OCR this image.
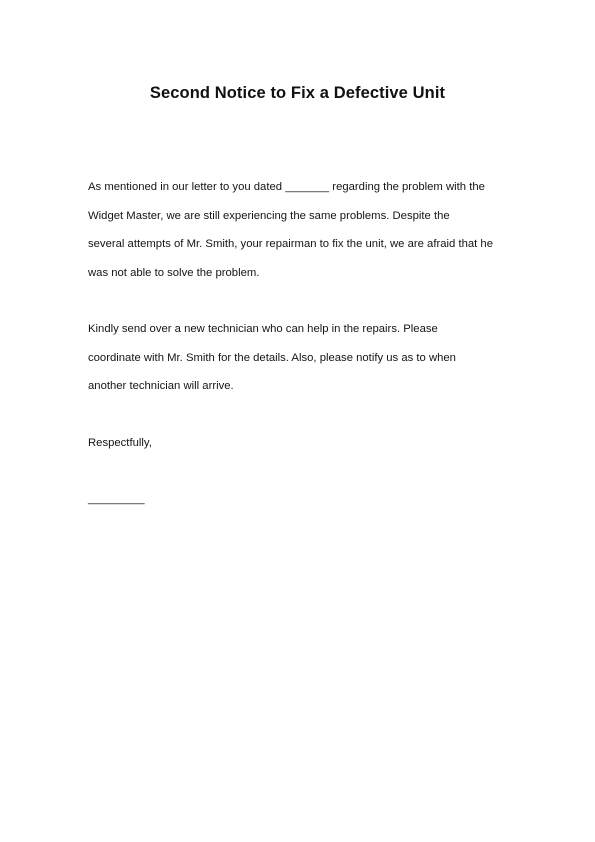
Second Notice to Fix a Defective Unit
As mentioned in our letter to you dated _______ regarding the problem with the
Widget Master, we are still experiencing the same problems. Despite the
several attempts of Mr. Smith, your repairman to fix the unit, we are afraid that he
was not able to solve the problem.
Kindly send over a new technician who can help in the repairs. Please
coordinate with Mr. Smith for the details. Also, please notify us as to when
another technician will arrive.
Respectfully,
_________
